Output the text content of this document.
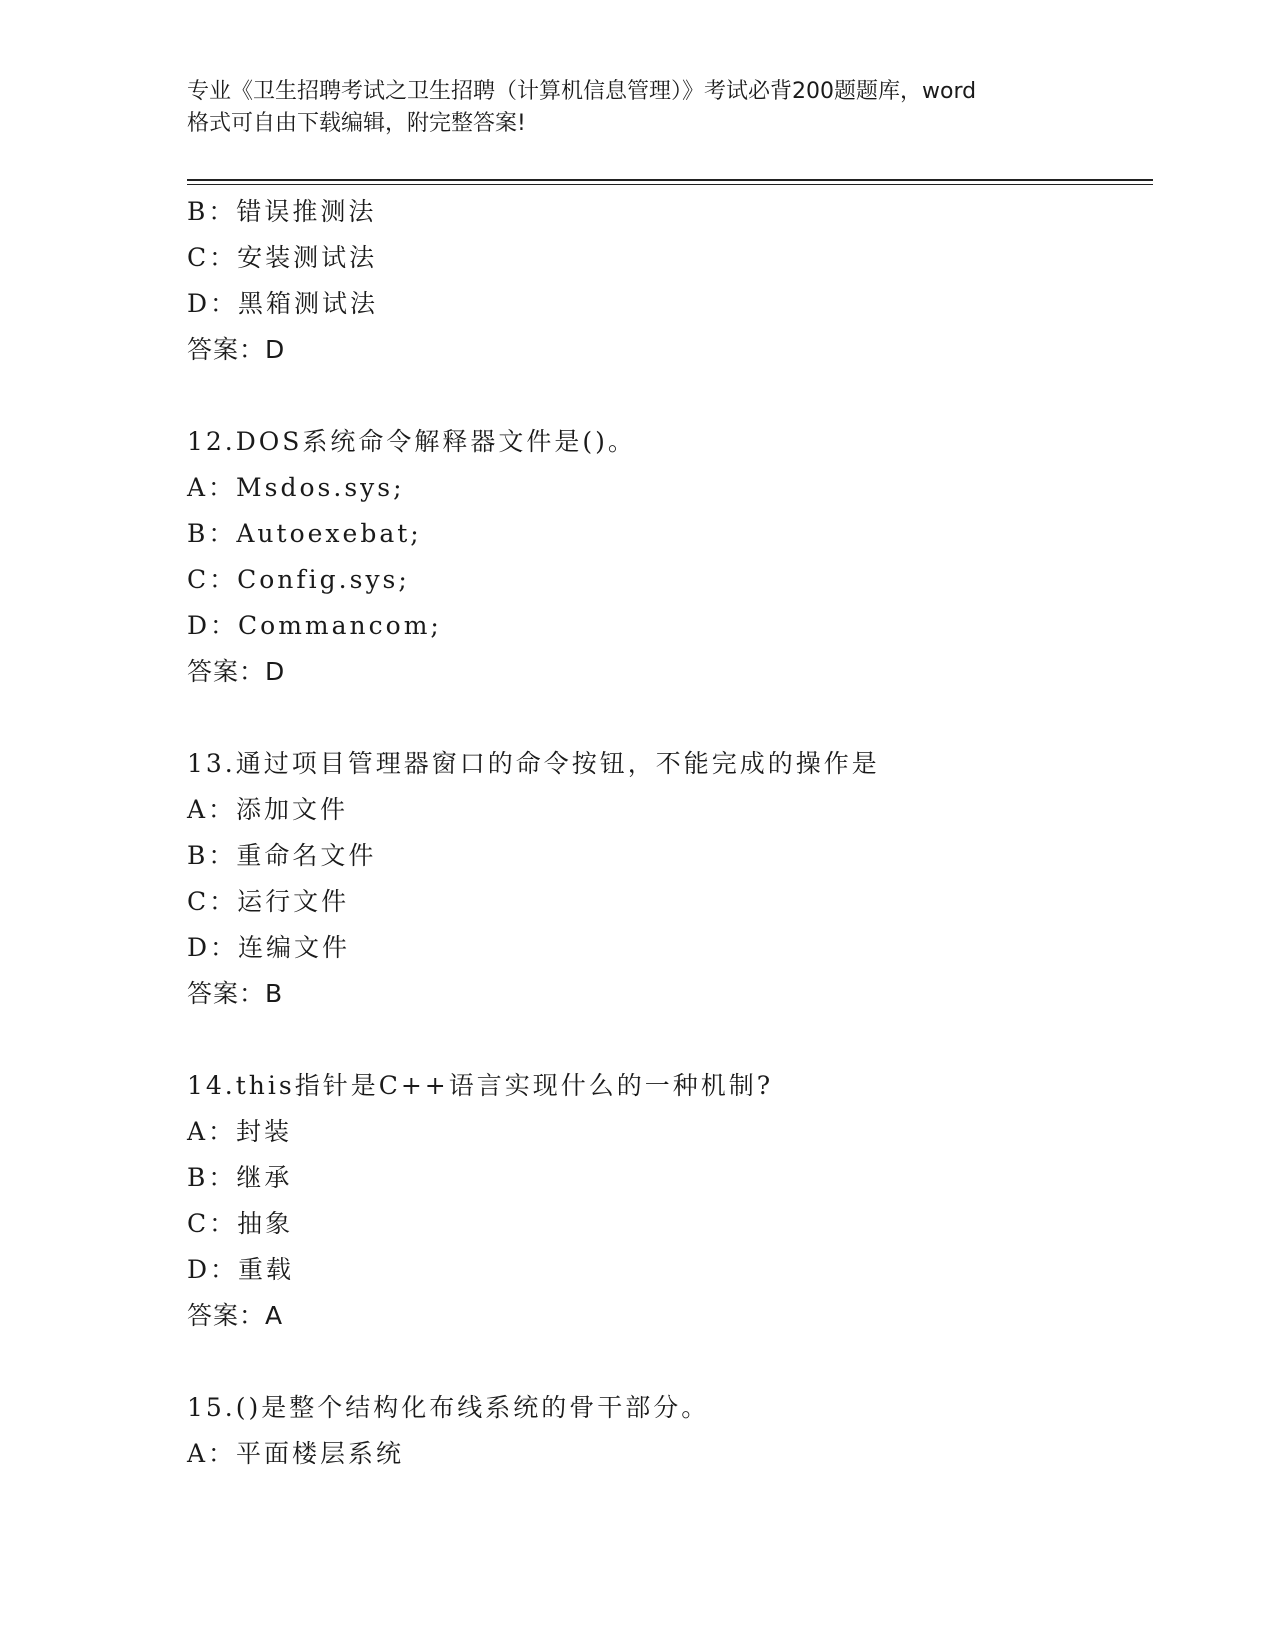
专业《卫生招聘考试之卫生招聘（计算机信息管理）》考试必背200题题库，word
格式可自由下载编辑，附完整答案!
B：错误推测法
C：安装测试法
D：黑箱测试法
答案：D
12.DOS系统命令解释器文件是()。
A：Msdos.sys;
B：Autoexebat;
C：Config.sys;
D：Commancom;
答案：D
13.通过项目管理器窗口的命令按钮，不能完成的操作是
A：添加文件
B：重命名文件
C：运行文件
D：连编文件
答案：B
14.this指针是C++语言实现什么的一种机制?
A：封装
B：继承
C：抽象
D：重载
答案：A
15.()是整个结构化布线系统的骨干部分。
A：平面楼层系统
